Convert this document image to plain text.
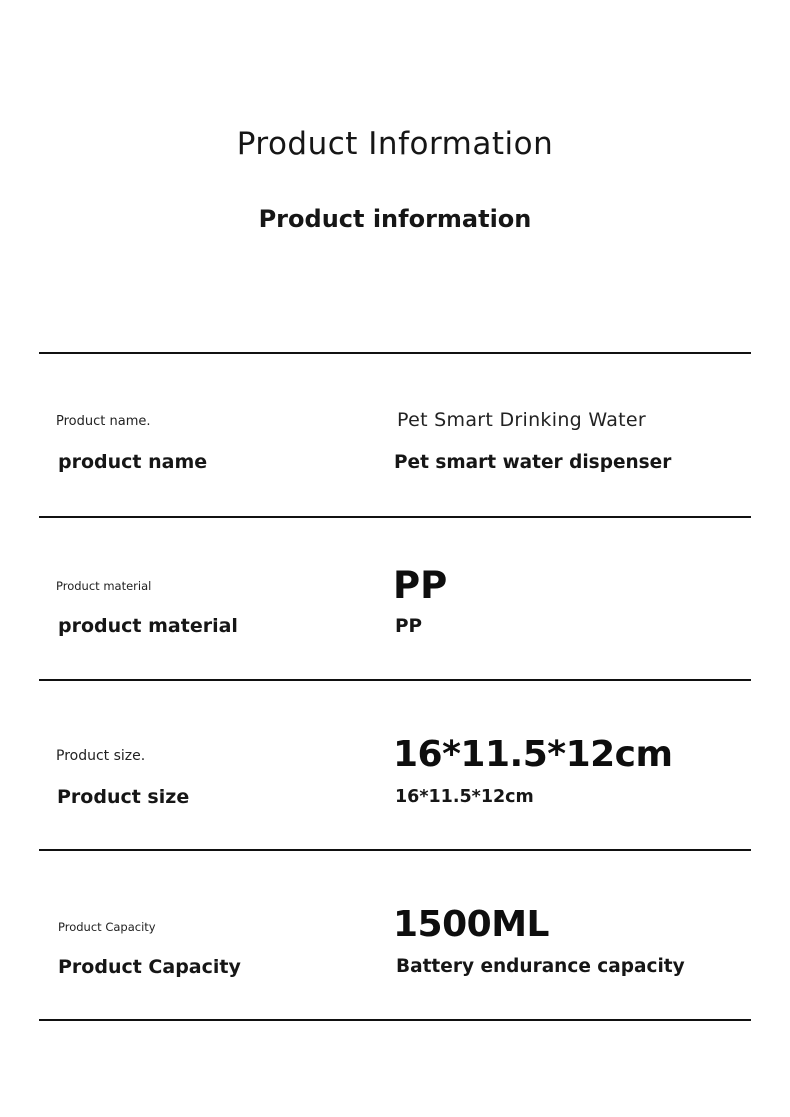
Product Information
Product information
Product name.
product name
Pet Smart Drinking Water
Pet smart water dispenser
Product material
product material
PP
PP
Product size.
Product size
16*11.5*12cm
16*11.5*12cm
Product Capacity
Product Capacity
1500ML
Battery endurance capacity
